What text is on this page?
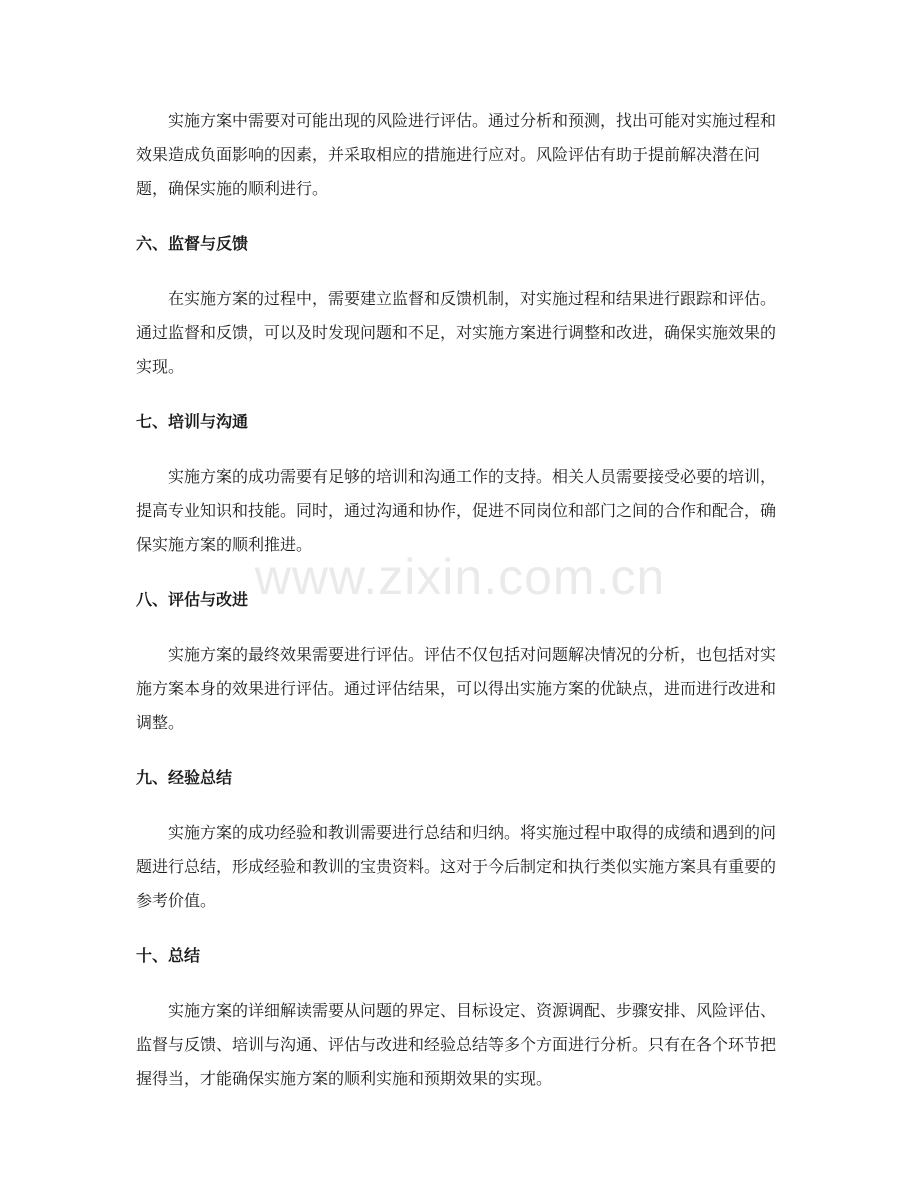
实施方案中需要对可能出现的风险进行评估。通过分析和预测，找出可能对实施过程和效果造成负面影响的因素，并采取相应的措施进行应对。风险评估有助于提前解决潜在问题，确保实施的顺利进行。

六、监督与反馈

在实施方案的过程中，需要建立监督和反馈机制，对实施过程和结果进行跟踪和评估。通过监督和反馈，可以及时发现问题和不足，对实施方案进行调整和改进，确保实施效果的实现。

七、培训与沟通

实施方案的成功需要有足够的培训和沟通工作的支持。相关人员需要接受必要的培训，提高专业知识和技能。同时，通过沟通和协作，促进不同岗位和部门之间的合作和配合，确保实施方案的顺利推进。

八、评估与改进

实施方案的最终效果需要进行评估。评估不仅包括对问题解决情况的分析，也包括对实施方案本身的效果进行评估。通过评估结果，可以得出实施方案的优缺点，进而进行改进和调整。

九、经验总结

实施方案的成功经验和教训需要进行总结和归纳。将实施过程中取得的成绩和遇到的问题进行总结，形成经验和教训的宝贵资料。这对于今后制定和执行类似实施方案具有重要的参考价值。

十、总结

实施方案的详细解读需要从问题的界定、目标设定、资源调配、步骤安排、风险评估、监督与反馈、培训与沟通、评估与改进和经验总结等多个方面进行分析。只有在各个环节把握得当，才能确保实施方案的顺利实施和预期效果的实现。

www.zixin.com.cn
